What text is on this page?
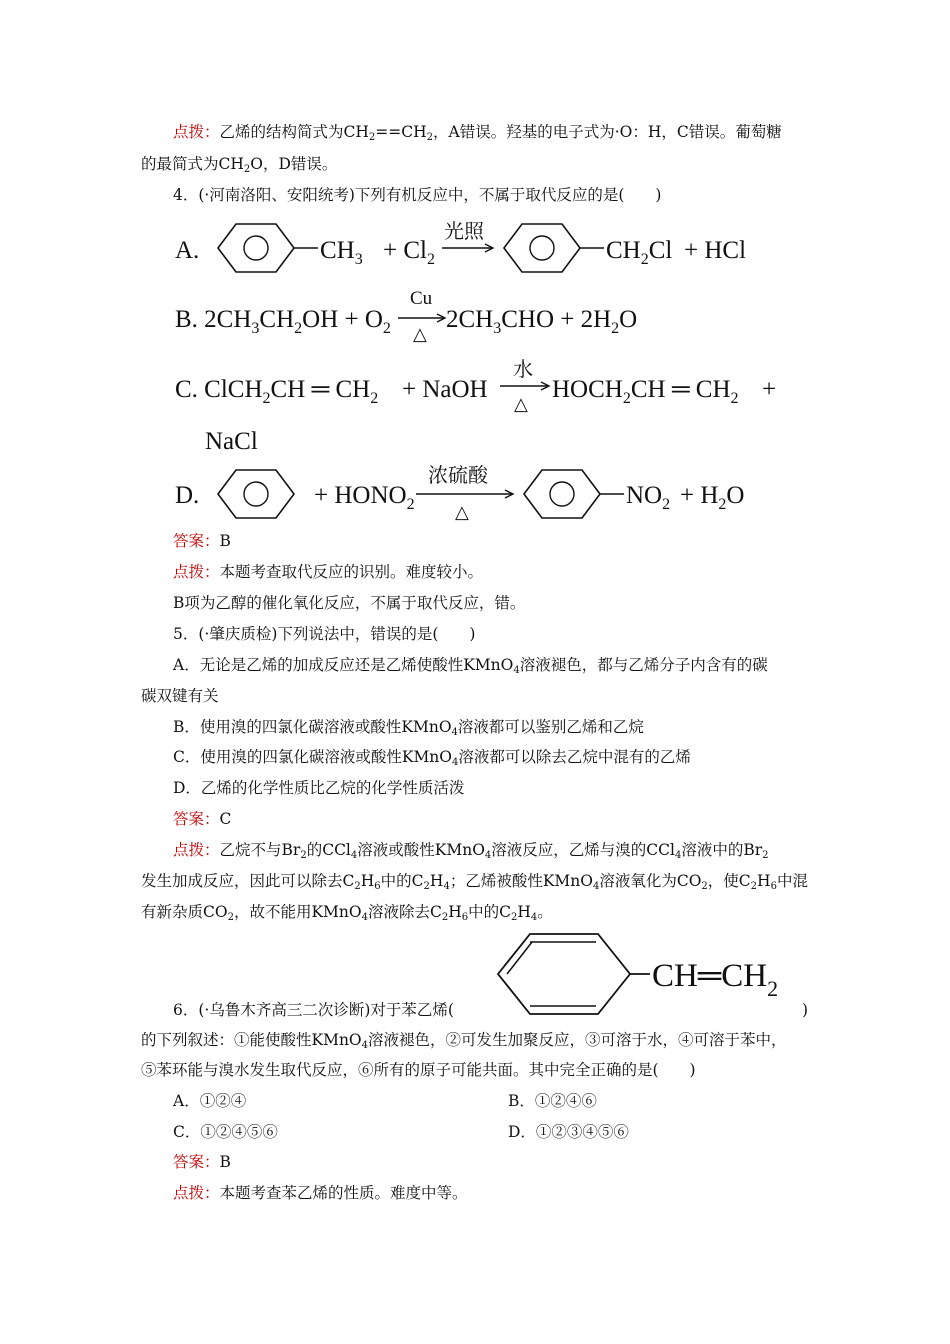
点拨：乙烯的结构简式为$CH_2==CH_2$，A错误。羟基的电子式为·O：H，C错误。葡萄糖
的最简式为$CH_2O$，D错误。
4．(·河南洛阳、安阳统考)下列有机反应中，不属于取代反应的是(　　)
A.	$CH_3 + Cl_2$
光照
$CH_2Cl$ + HCl
B. $2CH_3CH_2OH + O_2$
Cu
△
$2CH_3CHO + 2H_2O$
C. ClCH$_2$CH ═ $CH_2$ + NaOH
水
△
$HOCH_2CH$ ═ $CH_2$ +
NaCl
D.	+ $HONO_2$
浓硫酸
△
$NO_2 + H_2O$
答案：B
点拨：本题考查取代反应的识别。难度较小。
B项为乙醇的催化氧化反应，不属于取代反应，错。
5．(·肇庆质检)下列说法中，错误的是(　　)
A．无论是乙烯的加成反应还是乙烯使酸性KMnO$_4$溶液褪色，都与乙烯分子内含有的碳
碳双键有关
B．使用溴的四氯化碳溶液或酸性KMnO$_4$溶液都可以鉴别乙烯和乙烷
C．使用溴的四氯化碳溶液或酸性KMnO$_4$溶液都可以除去乙烷中混有的乙烯
D．乙烯的化学性质比乙烷的化学性质活泼
答案：C
点拨：乙烷不与$Br_2$的CCl$_4$溶液或酸性KMnO$_4$溶液反应，乙烯与溴的CCl$_4$溶液中的$Br_2$
发生加成反应，因此可以除去$C_2H_6$中的$C_2H_4$；乙烯被酸性KMnO$_4$溶液氧化为$CO_2$，使$C_2H_6$中混
有新杂质$CO_2$，故不能用KMnO$_4$溶液除去$C_2H_6$中的$C_2H_4$。
$CH═CH_2$
6．(·乌鲁木齐高三二次诊断)对于苯乙烯(	)
的下列叙述：①能使酸性KMnO$_4$溶液褪色，②可发生加聚反应，③可溶于水，④可溶于苯中，
⑤苯环能与溴水发生取代反应，⑥所有的原子可能共面。其中完全正确的是(　　)
A．①②④	B．①②④⑥
C．①②④⑤⑥	D．①②③④⑤⑥
答案：B
点拨：本题考查苯乙烯的性质。难度中等。
